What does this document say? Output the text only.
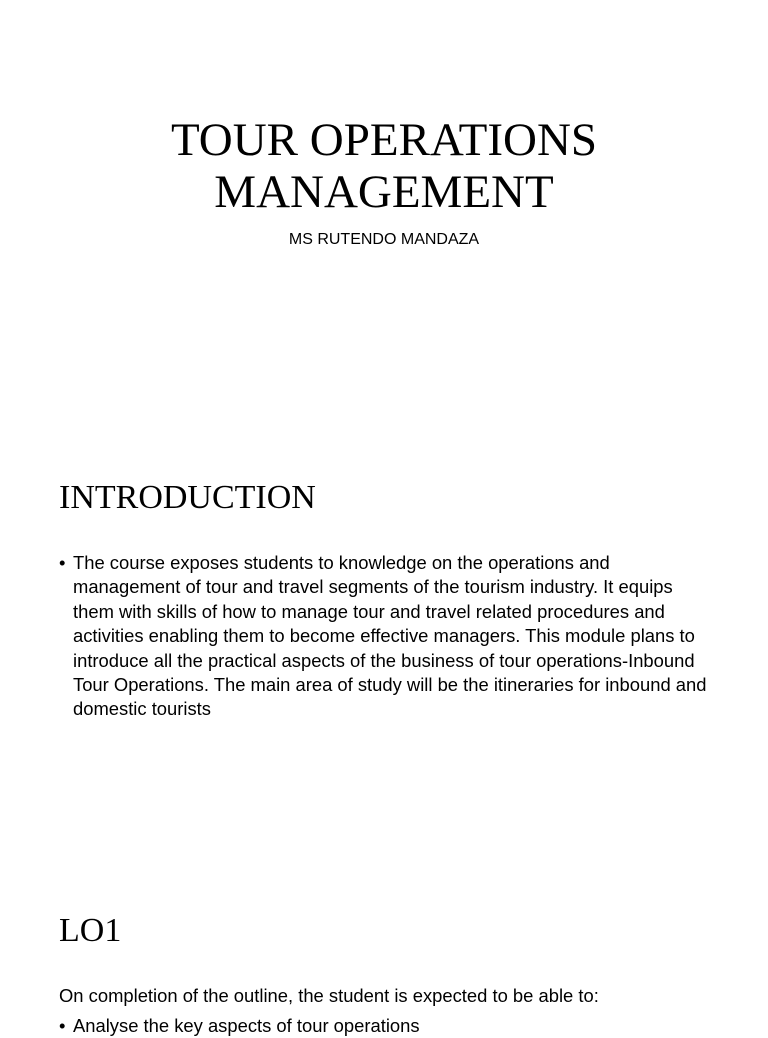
TOUR OPERATIONS
MANAGEMENT
MS RUTENDO MANDAZA
INTRODUCTION
• The course exposes students to knowledge on the operations and management of tour and travel segments of the tourism industry. It equips them with skills of how to manage tour and travel related procedures and activities enabling them to become effective managers. This module plans to introduce all the practical aspects of the business of tour operations-Inbound Tour Operations. The main area of study will be the itineraries for inbound and domestic tourists
LO1
On completion of the outline, the student is expected to be able to:
• Analyse the key aspects of tour operations
